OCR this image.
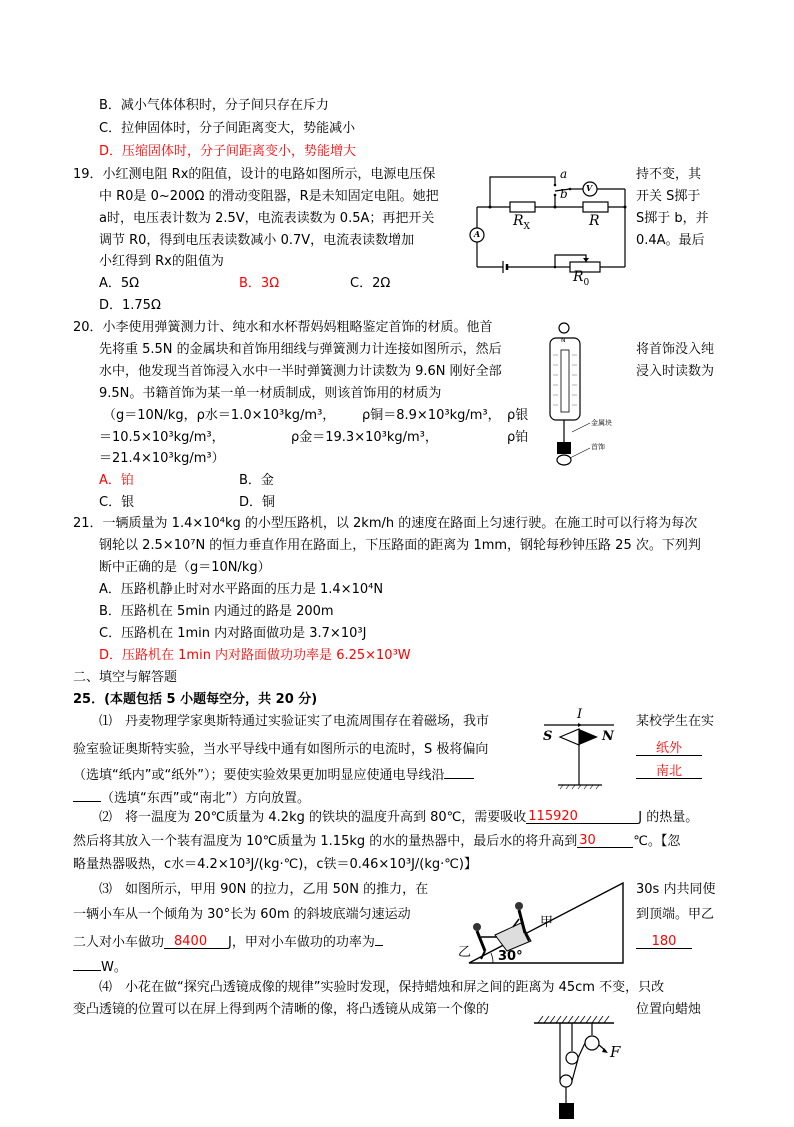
B．减小气体体积时，分子间只存在斥力
C．拉伸固体时，分子间距离变大，势能减小
D．压缩固体时，分子间距离变小，势能增大
19．小红测电阻 Rx的阻值，设计的电路如图所示，电源电压保	持不变，其
中 R0是 0~200Ω 的滑动变阻器，R是未知固定电阻。她把	开关 S掷于
a时，电压表计数为 2.5V，电流表读数为 0.5A；再把开关	S掷于 b，并
调节 R0，得到电压表读数减小 0.7V，电流表读数增加	0.4A。最后
小红得到 Rx的阻值为
A．5Ω	B．3Ω	C．2Ω
D．1.75Ω
a
b V
A
$R_X$	R
$R_0$
20．小李使用弹簧测力计、纯水和水杯帮妈妈粗略鉴定首饰的材质。他首
先将重 5.5N 的金属块和首饰用细线与弹簧测力计连接如图所示，然后	将首饰没入纯
水中，他发现当首饰浸入水中一半时弹簧测力计读数为 9.6N 刚好全部	浸入时读数为
9.5N。书籍首饰为某一单一材质制成，则该首饰用的材质为
（g＝10N/kg，ρ水＝1.0×10³kg/m³， ρ铜＝8.9×10³kg/m³， ρ银
＝10.5×10³kg/m³，	ρ金＝19.3×10³kg/m³，	ρ铂
＝21.4×10³kg/m³）
A．铂	B．金
C．银	D．铜
N
金属块
首饰
21．一辆质量为 1.4×10⁴kg 的小型压路机，以 2km/h 的速度在路面上匀速行驶。在施工时可以行将为每次
钢轮以 2.5×10⁷N 的恒力垂直作用在路面上，下压路面的距离为 1mm，钢轮每秒钟压路 25 次。下列判
断中正确的是（g＝10N/kg）
A．压路机静止时对水平路面的压力是 1.4×10⁴N
B．压路机在 5min 内通过的路是 200m
C．压路机在 1min 内对路面做功是 3.7×10³J
D．压路机在 1min 内对路面做功功率是 6.25×10³W
二、填空与解答题
25．(本题包括 5 小题每空分，共 20 分)
⑴　丹麦物理学家奥斯特通过实验证实了电流周围存在着磁场，我市	某校学生在实
验室验证奥斯特实验，当水平导线中通有如图所示的电流时，S 极将偏向	纸外
（选填“纸内”或“纸外”）；要使实验效果更加明显应使通电导线沿	南北
（选填“东西”或“南北”）方向放置。
I
S	N
⑵　将一温度为 20℃质量为 4.2kg 的铁块的温度升高到 80℃，需要吸收 115920	J 的热量。
然后将其放入一个装有温度为 10℃质量为 1.15kg 的水的量热器中，最后水的将升高到 30	℃。【忽
略量热器吸热，c水＝4.2×10³J/(kg·℃)，c铁＝0.46×10³J/(kg·℃)】
⑶　如图所示，甲用 90N 的拉力，乙用 50N 的推力，在	30s 内共同使
一辆小车从一个倾角为 30°长为 60m 的斜坡底端匀速运动	到顶端。甲乙
二人对小车做功 8400 J，甲对小车做功的功率为	180
W。
甲
乙 30°
⑷　小花在做“探究凸透镜成像的规律”实验时发现，保持蜡烛和屏之间的距离为 45cm 不变，只改
变凸透镜的位置可以在屏上得到两个清晰的像，将凸透镜从成第一个像的	位置向蜡烛
F
